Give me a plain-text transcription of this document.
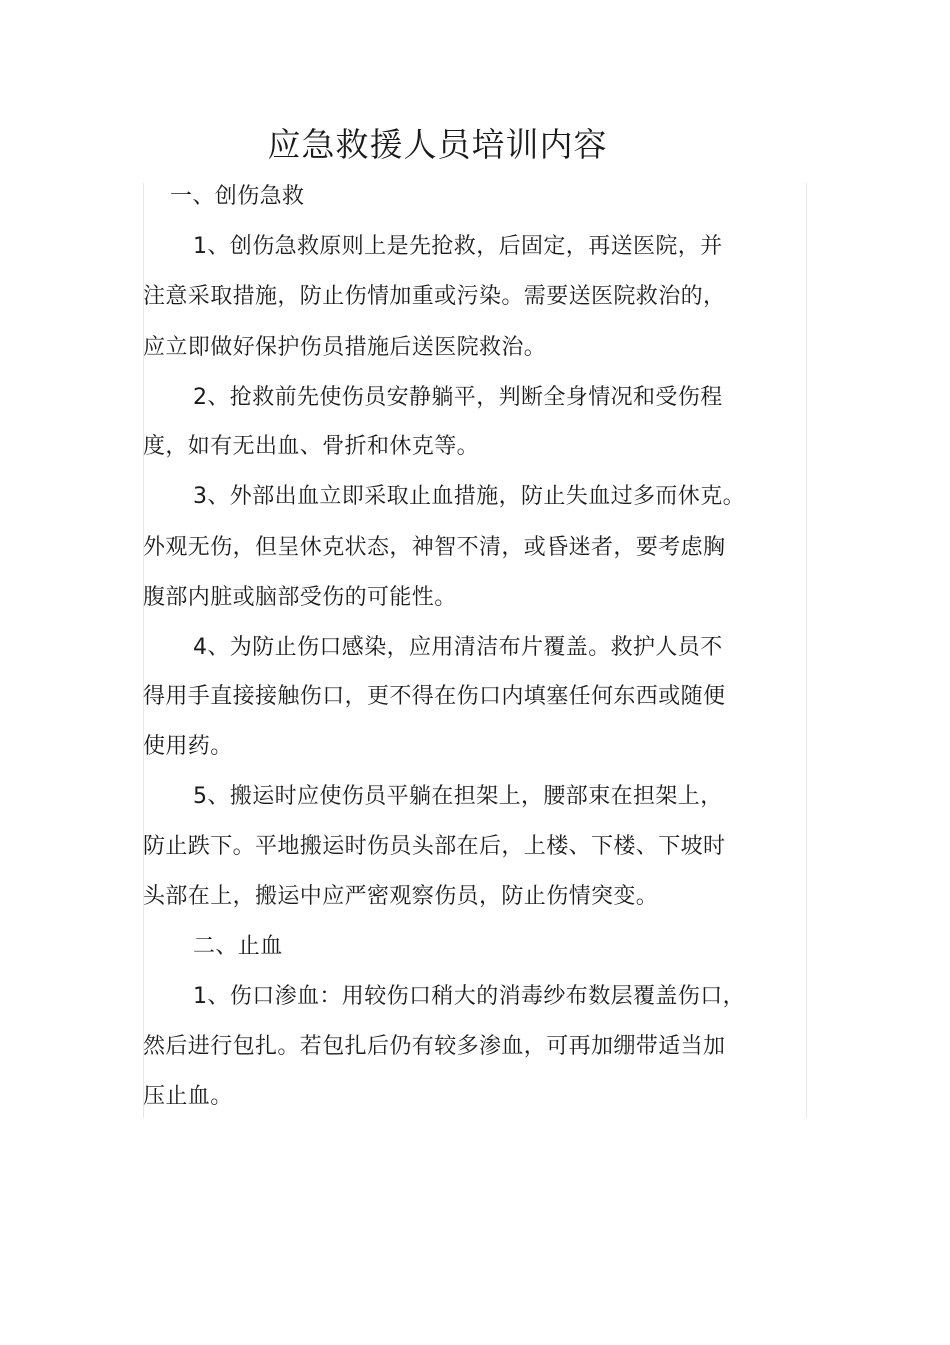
应急救援人员培训内容
一、创伤急救
1、创伤急救原则上是先抢救，后固定，再送医院，并
注意采取措施，防止伤情加重或污染。需要送医院救治的，
应立即做好保护伤员措施后送医院救治。
2、抢救前先使伤员安静躺平，判断全身情况和受伤程
度，如有无出血、骨折和休克等。
3、外部出血立即采取止血措施，防止失血过多而休克。
外观无伤，但呈休克状态，神智不清，或昏迷者，要考虑胸
腹部内脏或脑部受伤的可能性。
4、为防止伤口感染，应用清洁布片覆盖。救护人员不
得用手直接接触伤口，更不得在伤口内填塞任何东西或随便
使用药。
5、搬运时应使伤员平躺在担架上，腰部束在担架上，
防止跌下。平地搬运时伤员头部在后，上楼、下楼、下坡时
头部在上，搬运中应严密观察伤员，防止伤情突变。
二、止血
1、伤口渗血：用较伤口稍大的消毒纱布数层覆盖伤口，
然后进行包扎。若包扎后仍有较多渗血，可再加绷带适当加
压止血。
